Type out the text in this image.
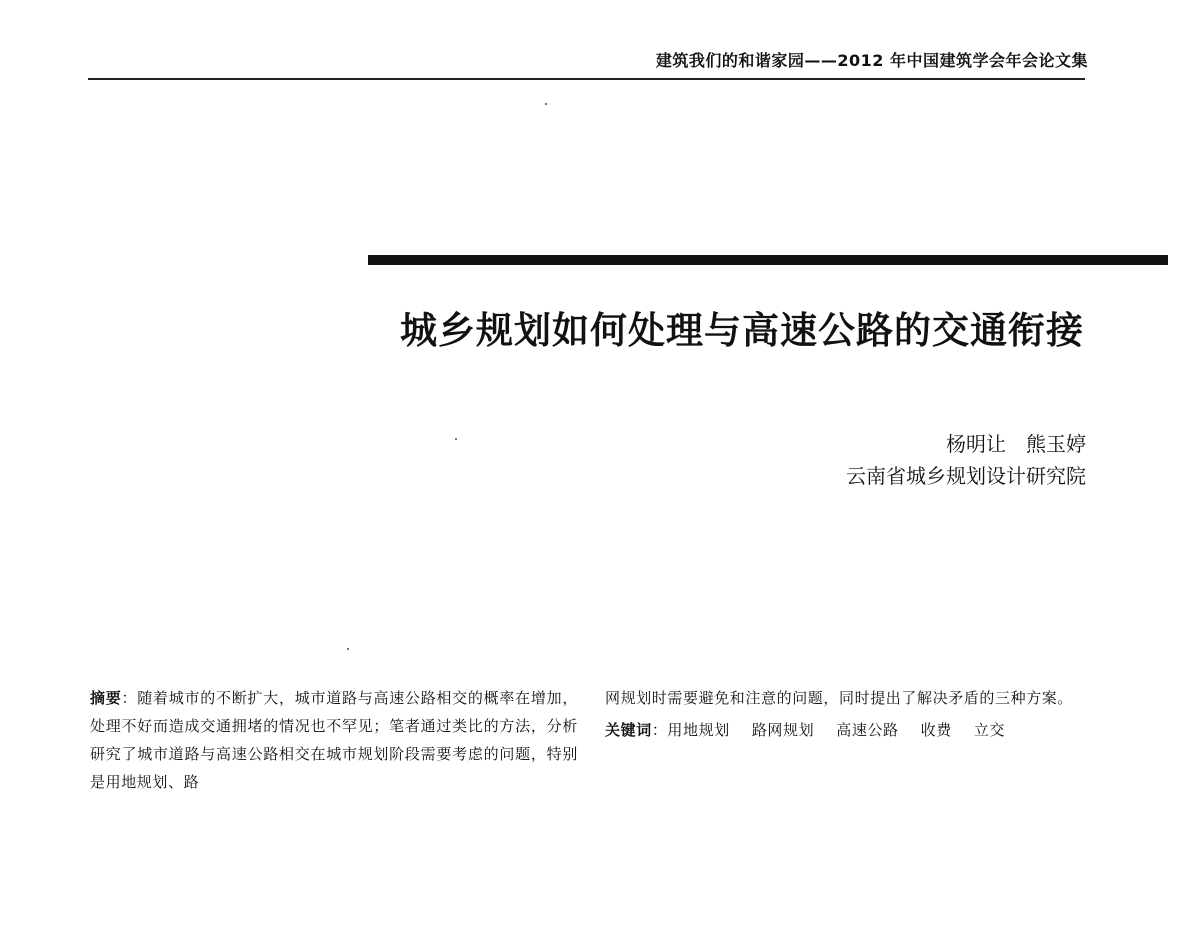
建筑我们的和谐家园——2012 年中国建筑学会年会论文集
城乡规划如何处理与高速公路的交通衔接
杨明让　熊玉婷
云南省城乡规划设计研究院
摘要：随着城市的不断扩大，城市道路与高速公路相交的概率在增加，处理不好而造成交通拥堵的情况也不罕见；笔者通过类比的方法，分析研究了城市道路与高速公路相交在城市规划阶段需要考虑的问题，特别是用地规划、路
网规划时需要避免和注意的问题，同时提出了解决矛盾的三种方案。
关键词：用地规划 路网规划 高速公路 收费 立交
